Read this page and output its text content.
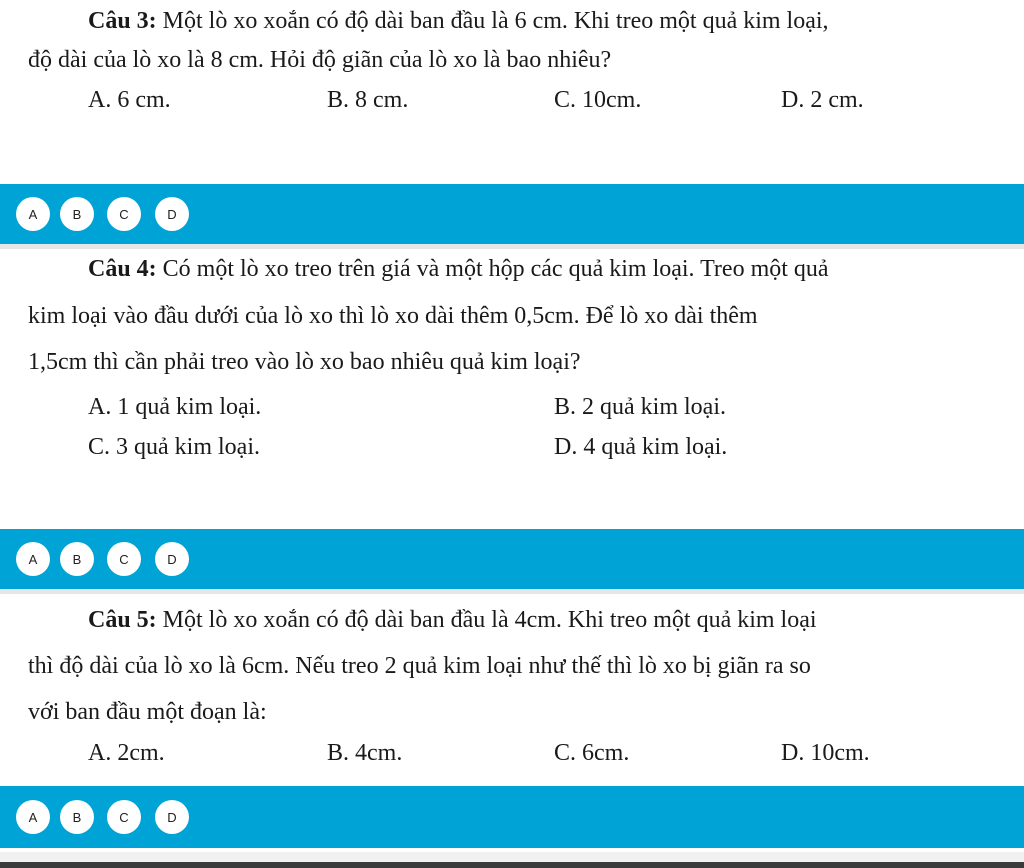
Câu 3: Một lò xo xoắn có độ dài ban đầu là 6 cm. Khi treo một quả kim loại,
độ dài của lò xo là 8 cm. Hỏi độ giãn của lò xo là bao nhiêu?
A. 6 cm.	B. 8 cm.	C. 10cm.	D. 2 cm.
A	B	C	D
Câu 4: Có một lò xo treo trên giá và một hộp các quả kim loại. Treo một quả
kim loại vào đầu dưới của lò xo thì lò xo dài thêm 0,5cm. Để lò xo dài thêm
1,5cm thì cần phải treo vào lò xo bao nhiêu quả kim loại?
A. 1 quả kim loại.	B. 2 quả kim loại.
C. 3 quả kim loại.	D. 4 quả kim loại.
A	B	C	D
Câu 5: Một lò xo xoắn có độ dài ban đầu là 4cm. Khi treo một quả kim loại
thì độ dài của lò xo là 6cm. Nếu treo 2 quả kim loại như thế thì lò xo bị giãn ra so
với ban đầu một đoạn là:
A. 2cm.	B. 4cm.	C. 6cm.	D. 10cm.
A	B	C	D
